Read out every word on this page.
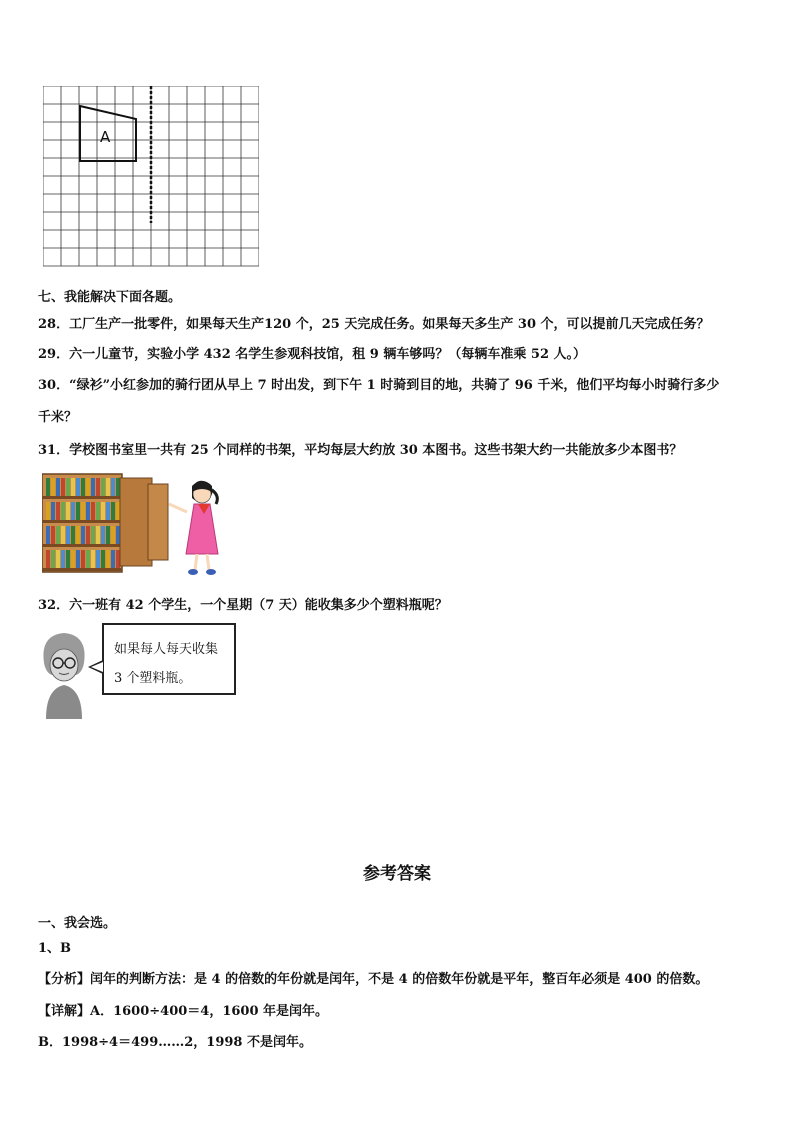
A
七、我能解决下面各题。
28．工厂生产一批零件，如果每天生产120 个，25 天完成任务。如果每天多生产 30 个，可以提前几天完成任务？
29．六一儿童节，实验小学 432 名学生参观科技馆，租 9 辆车够吗？（每辆车准乘 52 人。）
30．“绿衫”小红参加的骑行团从早上 7 时出发，到下午 1 时骑到目的地，共骑了 96 千米，他们平均每小时骑行多少
千米？
31．学校图书室里一共有 25 个同样的书架，平均每层大约放 30 本图书。这些书架大约一共能放多少本图书？
32．六一班有 42 个学生，一个星期（7 天）能收集多少个塑料瓶呢？
如果每人每天收集
3 个塑料瓶。
参考答案
一、我会选。
1、B
【分析】闰年的判断方法：是 4 的倍数的年份就是闰年，不是 4 的倍数年份就是平年，整百年必须是 400 的倍数。
【详解】A．1600÷400＝4，1600 年是闰年。
B．1998÷4＝499……2，1998 不是闰年。
